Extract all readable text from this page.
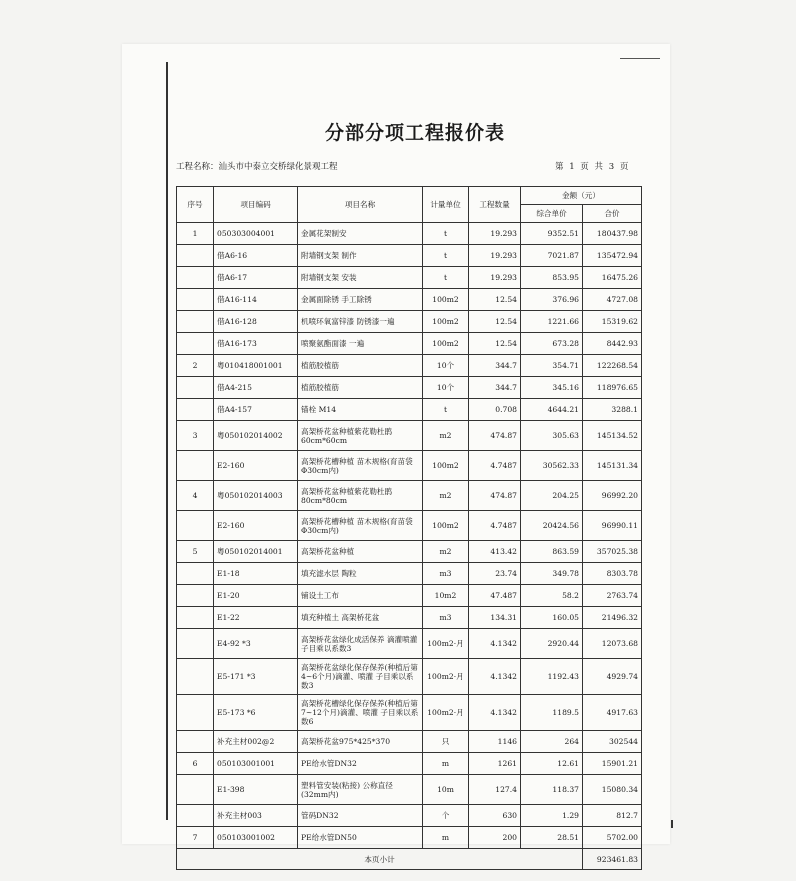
分部分项工程报价表
工程名称：汕头市中泰立交桥绿化景观工程	第 1 页 共 3 页
序号	项目编码	项目名称	计量单位	工程数量	金额（元）	
					综合单价	合价
1	050303004001	金属花架制安	t	19.293	9352.51	180437.98
	借A6-16	附墙钢支架 制作	t	19.293	7021.87	135472.94
	借A6-17	附墙钢支架 安装	t	19.293	853.95	16475.26
	借A16-114	金属面除锈 手工除锈	100m2	12.54	376.96	4727.08
	借A16-128	机喷环氧富锌漆 防锈漆一遍	100m2	12.54	1221.66	15319.62
	借A16-173	喷聚氨酯面漆 一遍	100m2	12.54	673.28	8442.93
2	粤010418001001	植筋胶植筋	10个	344.7	354.71	122268.54
	借A4-215	植筋胶植筋	10个	344.7	345.16	118976.65
	借A4-157	锚栓 M14	t	0.708	4644.21	3288.1
3	粤050102014002	高架桥花盆种植紫花勒杜鹃 60cm*60cm	m2	474.87	305.63	145134.52
	E2-160	高架桥花槽种植 苗木规格(育苗袋Φ30cm内)	100m2	4.7487	30562.33	145131.34
4	粤050102014003	高架桥花盆种植紫花勒杜鹃 80cm*80cm	m2	474.87	204.25	96992.20
	E2-160	高架桥花槽种植 苗木规格(育苗袋Φ30cm内)	100m2	4.7487	20424.56	96990.11
5	粤050102014001	高架桥花盆种植	m2	413.42	863.59	357025.38
	E1-18	填充滤水层 陶粒	m3	23.74	349.78	8303.78
	E1-20	铺设土工布	10m2	47.487	58.2	2763.74
	E1-22	填充种植土 高架桥花盆	m3	134.31	160.05	21496.32
	E4-92 *3	高架桥花盆绿化成活保养 滴灌喷灌 子目乘以系数3	100m2·月	4.1342	2920.44	12073.68
	E5-171 *3	高架桥花盆绿化保存保养(种植后第4~6个月)滴灌、喷灌 子目乘以系数3	100m2·月	4.1342	1192.43	4929.74
	E5-173 *6	高架桥花槽绿化保存保养(种植后第7~12个月)滴灌、喷灌 子目乘以系数6	100m2·月	4.1342	1189.5	4917.63
	补充主材002@2	高架桥花盆975*425*370	只	1146	264	302544
6	050103001001	PE给水管DN32	m	1261	12.61	15901.21
	E1-398	塑料管安装(粘接) 公称直径(32mm内)	10m	127.4	118.37	15080.34
	补充主材003	管码DN32	个	630	1.29	812.7
7	050103001002	PE给水管DN50	m	200	28.51	5702.00
本页小计						923461.83
